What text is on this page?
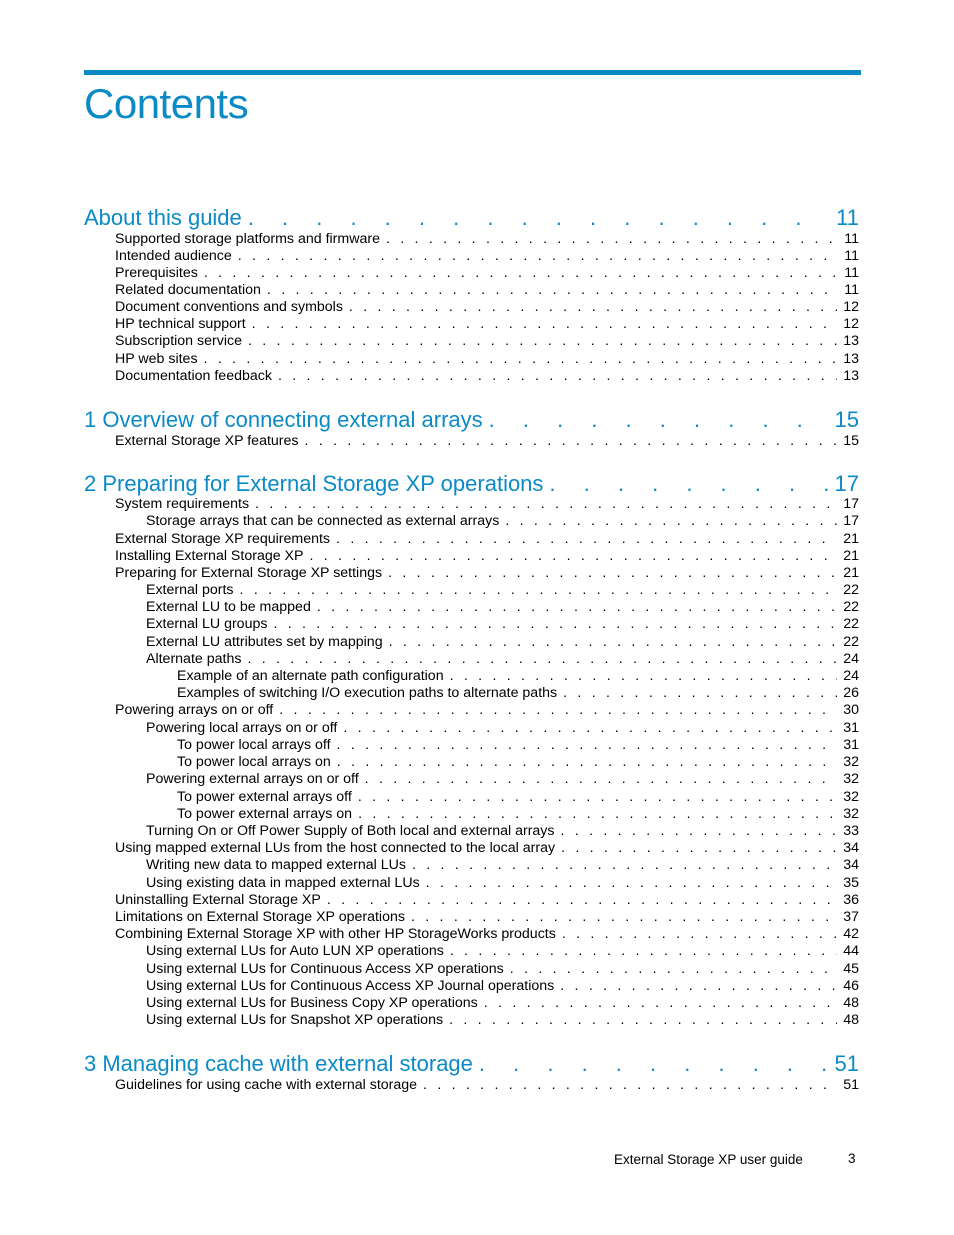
Contents
About this guide . . .	11
Supported storage platforms and firmware . . .	11
Intended audience . . .	11
Prerequisites . . .	11
Related documentation . . .	11
Document conventions and symbols . . .	12
HP technical support . . .	12
Subscription service . . .	13
HP web sites . . .	13
Documentation feedback . . .	13
1 Overview of connecting external arrays . . .	15
External Storage XP features . . .	15
2 Preparing for External Storage XP operations . . .	17
System requirements . . .	17
Storage arrays that can be connected as external arrays . . .	17
External Storage XP requirements . . .	21
Installing External Storage XP . . .	21
Preparing for External Storage XP settings . . .	21
External ports . . .	22
External LU to be mapped . . .	22
External LU groups . . .	22
External LU attributes set by mapping . . .	22
Alternate paths . . .	24
Example of an alternate path configuration . . .	24
Examples of switching I/O execution paths to alternate paths . . .	26
Powering arrays on or off . . .	30
Powering local arrays on or off . . .	31
To power local arrays off . . .	31
To power local arrays on . . .	32
Powering external arrays on or off . . .	32
To power external arrays off . . .	32
To power external arrays on . . .	32
Turning On or Off Power Supply of Both local and external arrays . . .	33
Using mapped external LUs from the host connected to the local array . . .	34
Writing new data to mapped external LUs . . .	34
Using existing data in mapped external LUs . . .	35
Uninstalling External Storage XP . . .	36
Limitations on External Storage XP operations . . .	37
Combining External Storage XP with other HP StorageWorks products . . .	42
Using external LUs for Auto LUN XP operations . . .	44
Using external LUs for Continuous Access XP operations . . .	45
Using external LUs for Continuous Access XP Journal operations . . .	46
Using external LUs for Business Copy XP operations . . .	48
Using external LUs for Snapshot XP operations . . .	48
3 Managing cache with external storage . . .	51
Guidelines for using cache with external storage . . .	51
External Storage XP user guide	3
